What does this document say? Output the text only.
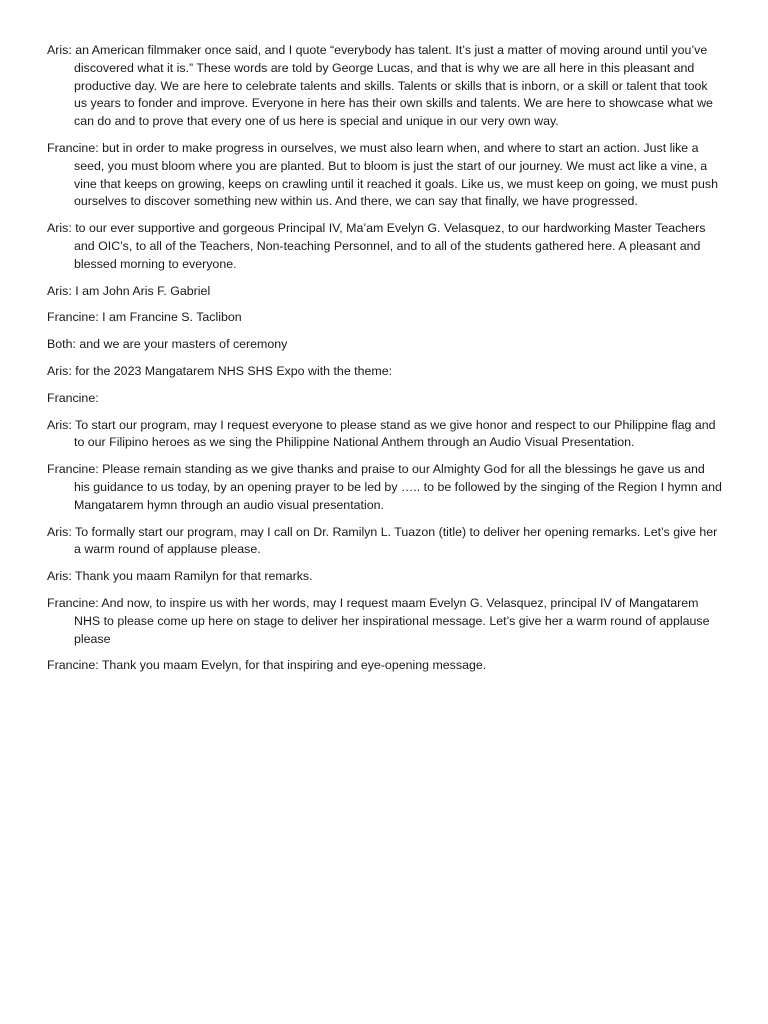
Aris: an American filmmaker once said, and I quote “everybody has talent. It’s just a matter of moving around until you’ve discovered what it is.” These words are told by George Lucas, and that is why we are all here in this pleasant and productive day. We are here to celebrate talents and skills. Talents or skills that is inborn, or a skill or talent that took us years to fonder and improve. Everyone in here has their own skills and talents. We are here to showcase what we can do and to prove that every one of us here is special and unique in our very own way.

Francine: but in order to make progress in ourselves, we must also learn when, and where to start an action. Just like a seed, you must bloom where you are planted. But to bloom is just the start of our journey. We must act like a vine, a vine that keeps on growing, keeps on crawling until it reached it goals. Like us, we must keep on going, we must push ourselves to discover something new within us. And there, we can say that finally, we have progressed.

Aris: to our ever supportive and gorgeous Principal IV, Ma’am Evelyn G. Velasquez, to our hardworking Master Teachers and OIC’s, to all of the Teachers, Non-teaching Personnel, and to all of the students gathered here. A pleasant and blessed morning to everyone.

Aris: I am John Aris F. Gabriel

Francine: I am Francine S. Taclibon

Both: and we are your masters of ceremony

Aris: for the 2023 Mangatarem NHS SHS Expo with the theme:

Francine:

Aris: To start our program, may I request everyone to please stand as we give honor and respect to our Philippine flag and to our Filipino heroes as we sing the Philippine National Anthem through an Audio Visual Presentation.

Francine: Please remain standing as we give thanks and praise to our Almighty God for all the blessings he gave us and his guidance to us today, by an opening prayer to be led by ….. to be followed by the singing of the Region I hymn and Mangatarem hymn through an audio visual presentation.

Aris: To formally start our program, may I call on Dr. Ramilyn L. Tuazon (title) to deliver her opening remarks. Let’s give her a warm round of applause please.

Aris: Thank you maam Ramilyn for that remarks.

Francine: And now, to inspire us with her words, may I request maam Evelyn G. Velasquez, principal IV of Mangatarem NHS to please come up here on stage to deliver her inspirational message. Let’s give her a warm round of applause please

Francine: Thank you maam Evelyn, for that inspiring and eye-opening message.
